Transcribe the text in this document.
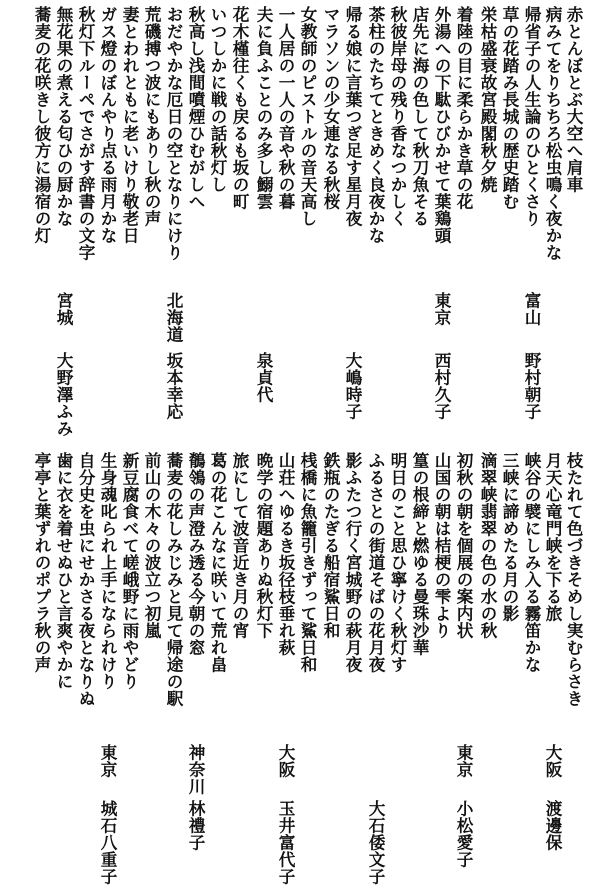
赤とんぼとぶ大空へ肩車
病みてをりちちろ松虫鳴く夜かな
帰省子の人生論のひとくさり
草の花踏み長城の歴史踏む
栄枯盛衰故宮殿閣秋夕焼
着陸の目に柔らかき草の花
外湯への下駄ひびかせて葉鶏頭
店先に海の色して秋刀魚そる
秋彼岸母の残り香なつかしく
茶柱のたちてときめく良夜かな
帰る娘に言葉つぎ足す星月夜
マラソンの少女連なる秋桜
女教師のピストルの音天高し
一人居の一人の音や秋の暮
夫に負ふことのみ多し鰯雲
花木槿往くも戻るも坂の町
いつしかに戦の話秋灯し
秋高し浅間噴煙ひむがしへ
おだやかな厄日の空となりにけり
荒磯搏つ波にもありし秋の声
妻とわれともに老いけり敬老日
ガス燈のぼんやり点る雨月かな
秋灯下ルーペでさがす辞書の文字
無花果の煮える匂ひの厨かな
蕎麦の花咲きし彼方に湯宿の灯
富山
野村朝子
東京
西村久子
大嶋時子
泉貞代
北海道
坂本幸応
宮城
大野澤ふみ
枝たれて色づきそめし実むらさき
月天心竜門峡を下る旅
峡谷の襞にしみ入る霧笛かな
三峡に諦めたる月の影
滴翠峡翡翠の色の水の秋
初秋の朝を個展の案内状
山国の朝は桔梗の雫より
篁の根締と燃ゆる曼珠沙華
明日のこと思ひ寧けく秋灯す
ふるさとの街道そばの花月夜
影ふたつ行く宮城野の萩月夜
鉄瓶のたぎる船宿鯊日和
桟橋に魚籠引きずって鯊日和
山荘へゆるき坂径枝垂れ萩
晩学の宿題ありぬ秋灯下
旅にして波音近き月の宵
葛の花こんなに咲いて荒れ畠
鶺鴒の声澄み透る今朝の窓
蕎麦の花しみじみと見て帰途の駅
前山の木々の波立つ初嵐
新豆腐食べて嵯峨野に雨やどり
生身魂叱られ上手になられけり
自分史を虫にせかさる夜となりぬ
歯に衣を着せぬひと言爽やかに
亭亭と葉ずれのポプラ秋の声
大阪
渡邊保
東京
小松愛子
大石倭文子
大阪
玉井富代子
神奈川
林禮子
東京
城石八重子
